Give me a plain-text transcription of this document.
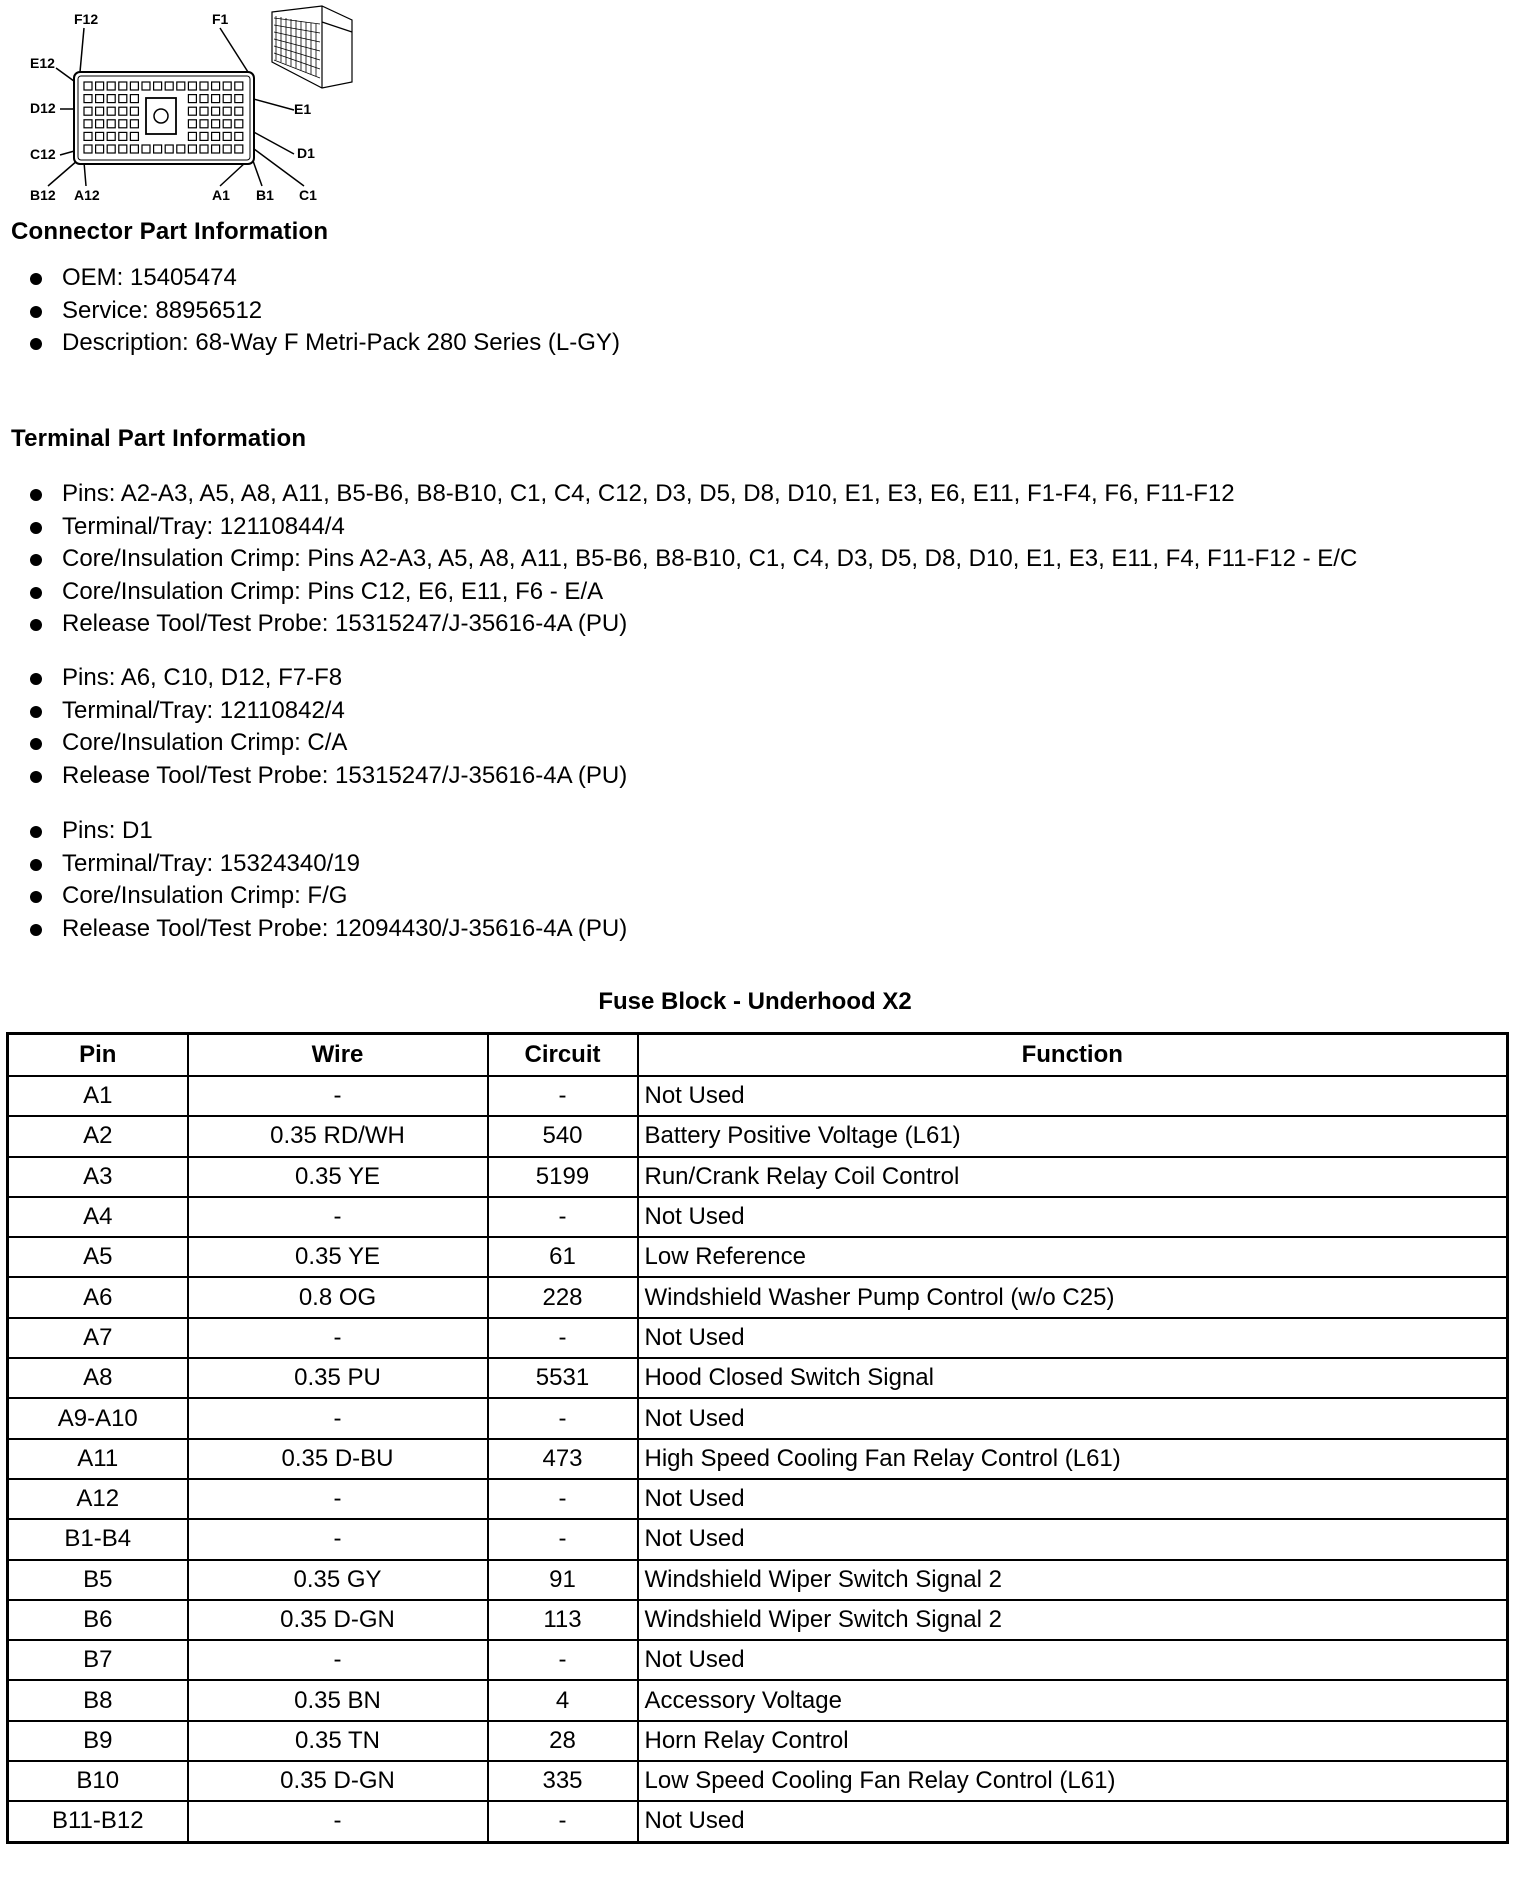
F12	F1
E12
E1
D12
D1
C12
C1
B12 A12	A1 B1
Connector Part Information
OEM: 15405474
Service: 88956512
Description: 68-Way F Metri-Pack 280 Series (L-GY)
Terminal Part Information
Pins: A2-A3, A5, A8, A11, B5-B6, B8-B10, C1, C4, C12, D3, D5, D8, D10, E1, E3, E6, E11, F1-F4, F6, F11-F12
Terminal/Tray: 12110844/4
Core/Insulation Crimp: Pins A2-A3, A5, A8, A11, B5-B6, B8-B10, C1, C4, D3, D5, D8, D10, E1, E3, E11, F4, F11-F12 - E/C
Core/Insulation Crimp: Pins C12, E6, E11, F6 - E/A
Release Tool/Test Probe: 15315247/J-35616-4A (PU)
Pins: A6, C10, D12, F7-F8
Terminal/Tray: 12110842/4
Core/Insulation Crimp: C/A
Release Tool/Test Probe: 15315247/J-35616-4A (PU)
Pins: D1
Terminal/Tray: 15324340/19
Core/Insulation Crimp: F/G
Release Tool/Test Probe: 12094430/J-35616-4A (PU)
Fuse Block - Underhood X2
Pin	Wire	Circuit	Function
A1	-	-	Not Used
A2	0.35 RD/WH	540	Battery Positive Voltage (L61)
A3	0.35 YE	5199	Run/Crank Relay Coil Control
A4	-	-	Not Used
A5	0.35 YE	61	Low Reference
A6	0.8 OG	228	Windshield Washer Pump Control (w/o C25)
A7	-	-	Not Used
A8	0.35 PU	5531	Hood Closed Switch Signal
A9-A10	-	-	Not Used
A11	0.35 D-BU	473	High Speed Cooling Fan Relay Control (L61)
A12	-	-	Not Used
B1-B4	-	-	Not Used
B5	0.35 GY	91	Windshield Wiper Switch Signal 2
B6	0.35 D-GN	113	Windshield Wiper Switch Signal 2
B7	-	-	Not Used
B8	0.35 BN	4	Accessory Voltage
B9	0.35 TN	28	Horn Relay Control
B10	0.35 D-GN	335	Low Speed Cooling Fan Relay Control (L61)
B11-B12	-	-	Not Used
